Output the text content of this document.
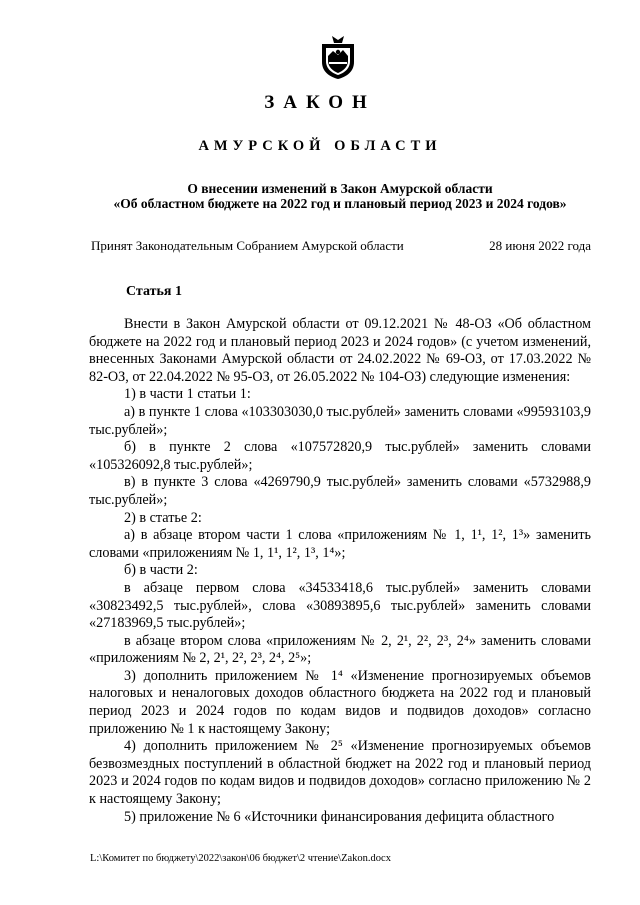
ЗАКОН
АМУРСКОЙ ОБЛАСТИ
О внесении изменений в Закон Амурской области
«Об областном бюджете на 2022 год и плановый период 2023 и 2024 годов»
Принят Законодательным Собранием Амурской области	28 июня 2022 года
Статья 1

Внести в Закон Амурской области от 09.12.2021 № 48-ОЗ «Об областном бюджете на 2022 год и плановый период 2023 и 2024 годов» (с учетом изменений, внесенных Законами Амурской области от 24.02.2022 № 69-ОЗ, от 17.03.2022 № 82-ОЗ, от 22.04.2022 № 95-ОЗ, от 26.05.2022 № 104-ОЗ) следующие изменения:

1) в части 1 статьи 1:

а) в пункте 1 слова «103303030,0 тыс.рублей» заменить словами «99593103,9 тыс.рублей»;

б) в пункте 2 слова «107572820,9 тыс.рублей» заменить словами «105326092,8 тыс.рублей»;

в) в пункте 3 слова «4269790,9 тыс.рублей» заменить словами «5732988,9 тыс.рублей»;

2) в статье 2:

а) в абзаце втором части 1 слова «приложениям № 1, 1¹, 1², 1³» заменить словами «приложениям № 1, 1¹, 1², 1³, 1⁴»;

б) в части 2:

в абзаце первом слова «34533418,6 тыс.рублей» заменить словами «30823492,5 тыс.рублей», слова «30893895,6 тыс.рублей» заменить словами «27183969,5 тыс.рублей»;

в абзаце втором слова «приложениям № 2, 2¹, 2², 2³, 2⁴» заменить словами «приложениям № 2, 2¹, 2², 2³, 2⁴, 2⁵»;

3) дополнить приложением № 1⁴ «Изменение прогнозируемых объемов налоговых и неналоговых доходов областного бюджета на 2022 год и плановый период 2023 и 2024 годов по кодам видов и подвидов доходов» согласно приложению № 1 к настоящему Закону;

4) дополнить приложением № 2⁵ «Изменение прогнозируемых объемов безвозмездных поступлений в областной бюджет на 2022 год и плановый период 2023 и 2024 годов по кодам видов и подвидов доходов» согласно приложению № 2 к настоящему Закону;

5) приложение № 6 «Источники финансирования дефицита областного

L:\Комитет по бюджету\2022\закон\06 бюджет\2 чтение\Zakon.docx
